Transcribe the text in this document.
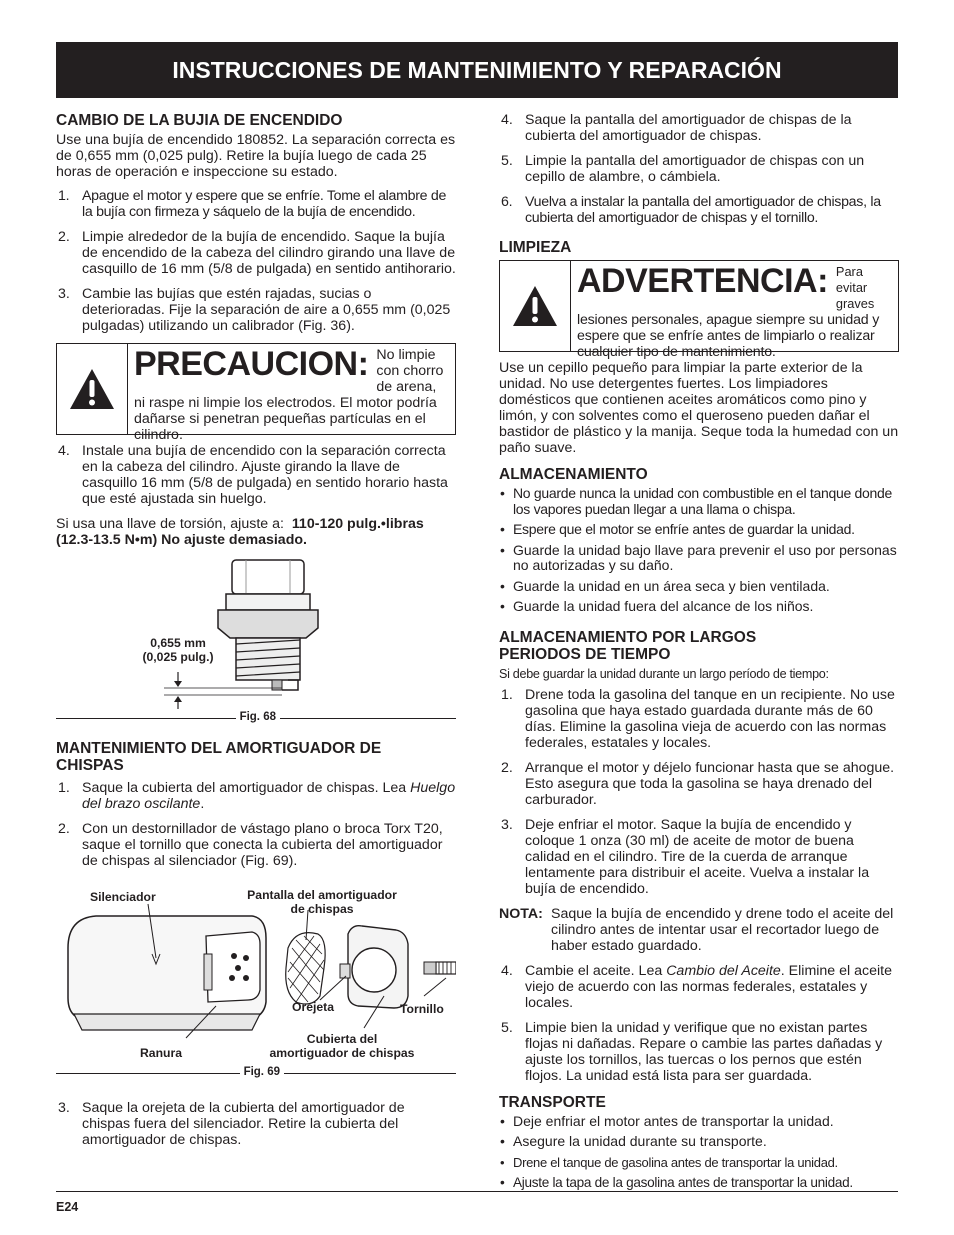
INSTRUCCIONES DE MANTENIMIENTO Y REPARACIÓN
CAMBIO DE LA BUJIA DE ENCENDIDO

Use una bujía de encendido 180852. La separación correcta es de 0,655 mm (0,025 pulg). Retire la bujía luego de cada 25 horas de operación e inspeccione su estado.

1. Apague el motor y espere que se enfríe. Tome el alambre de la bujía con firmeza y sáquelo de la bujía de encendido.
2. Limpie alrededor de la bujía de encendido. Saque la bujía de encendido de la cabeza del cilindro girando una llave de casquillo de 16 mm (5/8 de pulgada) en sentido antihorario.
3. Cambie las bujías que estén rajadas, sucias o deterioradas. Fije la separación de aire a 0,655 mm (0,025 pulgadas) utilizando un calibrador (Fig. 36).
PRECAUCION: No limpie con chorro de arena, ni raspe ni limpie los electrodos. El motor podría dañarse si penetran pequeñas partículas en el cilindro.
4. Instale una bujía de encendido con la separación correcta en la cabeza del cilindro. Ajuste girando la llave de casquillo 16 mm (5/8 de pulgada) en sentido horario hasta que esté ajustada sin huelgo.

Si usa una llave de torsión, ajuste a: 110-120 pulg.•libras (12.3-13.5 N•m) No ajuste demasiado.

0,655 mm
(0,025 pulg.)
Fig. 68
MANTENIMIENTO DEL AMORTIGUADOR DE CHISPAS
1. Saque la cubierta del amortiguador de chispas. Lea Huelgo del brazo oscilante.
2. Con un destornillador de vástago plano o broca Torx T20, saque el tornillo que conecta la cubierta del amortiguador de chispas al silenciador (Fig. 69).
Silenciador	Pantalla del amortiguador
de chispas
Orejeta	Tornillo
Ranura
Cubierta del
amortiguador de chispas
Fig. 69
3. Saque la orejeta de la cubierta del amortiguador de chispas fuera del silenciador. Retire la cubierta del amortiguador de chispas.
4. Saque la pantalla del amortiguador de chispas de la cubierta del amortiguador de chispas.
5. Limpie la pantalla del amortiguador de chispas con un cepillo de alambre, o cámbiela.
6. Vuelva a instalar la pantalla del amortiguador de chispas, la cubierta del amortiguador de chispas y el tornillo.
LIMPIEZA
ADVERTENCIA: Para evitar graves lesiones personales, apague siempre su unidad y espere que se enfríe antes de limpiarlo o realizar cualquier tipo de mantenimiento.

Use un cepillo pequeño para limpiar la parte exterior de la unidad. No use detergentes fuertes. Los limpiadores domésticos que contienen aceites aromáticos como pino y limón, y con solventes como el queroseno pueden dañar el bastidor de plástico y la manija. Seque toda la humedad con un paño suave.

ALMACENAMIENTO
• No guarde nunca la unidad con combustible en el tanque donde los vapores puedan llegar a una llama o chispa.
• Espere que el motor se enfríe antes de guardar la unidad.
• Guarde la unidad bajo llave para prevenir el uso por personas no autorizadas y su daño.
• Guarde la unidad en un área seca y bien ventilada.
• Guarde la unidad fuera del alcance de los niños.
ALMACENAMIENTO POR LARGOS
PERIODOS DE TIEMPO

Si debe guardar la unidad durante un largo período de tiempo:

1. Drene toda la gasolina del tanque en un recipiente. No use gasolina que haya estado guardada durante más de 60 días. Elimine la gasolina vieja de acuerdo con las normas federales, estatales y locales.
2. Arranque el motor y déjelo funcionar hasta que se ahogue. Esto asegura que toda la gasolina se haya drenado del carburador.
3. Deje enfriar el motor. Saque la bujía de encendido y coloque 1 onza (30 ml) de aceite de motor de buena calidad en el cilindro. Tire de la cuerda de arranque lentamente para distribuir el aceite. Vuelva a instalar la bujía de encendido.
NOTA: Saque la bujía de encendido y drene todo el aceite del cilindro antes de intentar usar el recortador luego de haber estado guardado.
4. Cambie el aceite. Lea Cambio del Aceite. Elimine el aceite viejo de acuerdo con las normas federales, estatales y locales.
5. Limpie bien la unidad y verifique que no existan partes flojas ni dañadas. Repare o cambie las partes dañadas y ajuste los tornillos, las tuercas o los pernos que estén flojos. La unidad está lista para ser guardada.
TRANSPORTE
• Deje enfriar el motor antes de transportar la unidad.
• Asegure la unidad durante su transporte.
• Drene el tanque de gasolina antes de transportar la unidad.
• Ajuste la tapa de la gasolina antes de transportar la unidad.
E24
